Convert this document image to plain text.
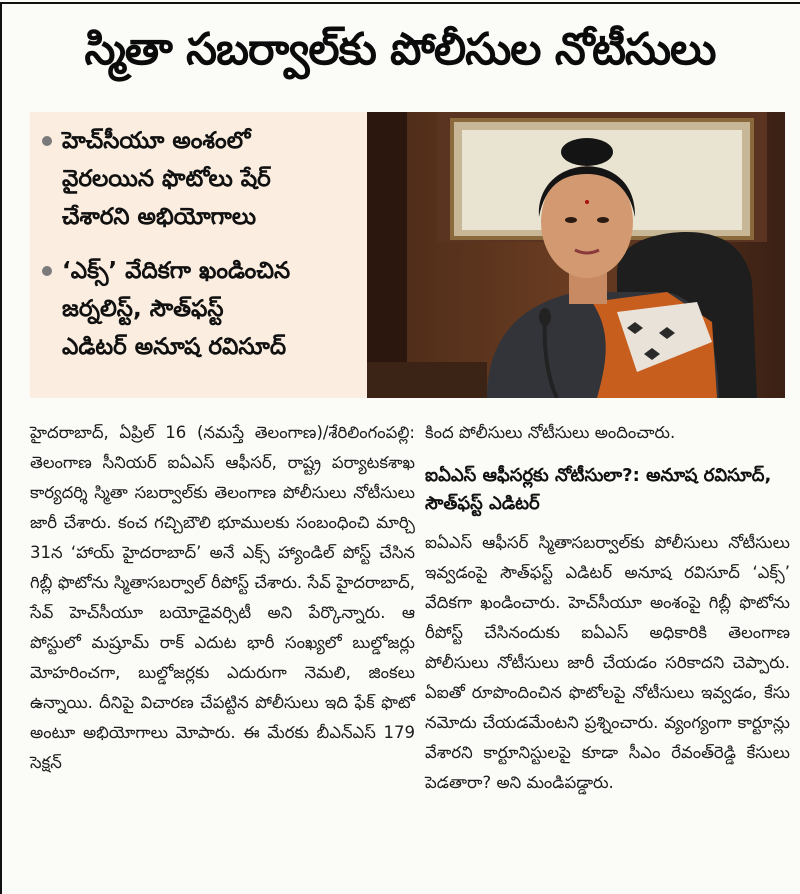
స్మితా సబర్వాల్‌కు పోలీసుల నోటీసులు
హెచ్‌సీయూ అంశంలో
వైరలయిన ఫొటోలు షేర్
చేశారని అభియోగాలు
‘ఎక్స్’ వేదికగా ఖండించిన
జర్నలిస్ట్, సౌత్‌ఫస్ట్
ఎడిటర్ అనూష రవిసూద్

హైదరాబాద్, ఏప్రిల్ 16 (నమస్తే తెలంగాణ)/శేరిలింగంపల్లి: తెలంగాణ సీనియర్ ఐఏఎస్ ఆఫీసర్, రాష్ట్ర పర్యాటకశాఖ కార్యదర్శి స్మితా సబర్వాల్‌కు తెలంగాణ పోలీసులు నోటీసులు జారీ చేశారు. కంచ గచ్చిబౌలి భూములకు సంబంధించి మార్చి 31న ‘హాయ్ హైదరాబాద్’ అనే ఎక్స్ హ్యాండిల్ పోస్ట్ చేసిన గిబ్లీ ఫొటోను స్మితాసబర్వాల్ రీపోస్ట్ చేశారు. సేవ్ హైదరాబాద్, సేవ్ హెచ్‌సీయూ బయోడైవర్సిటీ అని పేర్కొన్నారు. ఆ పోస్టులో మష్రూమ్ రాక్ ఎదుట భారీ సంఖ్యలో బుల్డోజర్లు మోహరించగా, బుల్డోజర్లకు ఎదురుగా నెమలి, జింకలు ఉన్నాయి. దీనిపై విచారణ చేపట్టిన పోలీసులు ఇది ఫేక్ ఫొటో అంటూ అభియోగాలు మోపారు. ఈ మేరకు బీఎన్‌ఎస్ 179 సెక్షన్

కింద పోలీసులు నోటీసులు అందించారు.

ఐఏఎస్ ఆఫీసర్లకు నోటీసులా?: అనూష రవిసూద్, సౌత్‌ఫస్ట్ ఎడిటర్

ఐఏఎస్ ఆఫీసర్ స్మితాసబర్వాల్‌కు పోలీసులు నోటీసులు ఇవ్వడంపై సౌత్‌ఫస్ట్ ఎడిటర్ అనూష రవిసూద్ ‘ఎక్స్’ వేదికగా ఖండించారు. హెచ్‌సీయూ అంశంపై గిబ్లీ ఫొటోను రీపోస్ట్ చేసినందుకు ఐఏఎస్ అధికారికి తెలంగాణ పోలీసులు నోటీసులు జారీ చేయడం సరికాదని చెప్పారు. ఏఐతో రూపొందించిన ఫొటోలపై నోటీసులు ఇవ్వడం, కేసు నమోదు చేయడమేంటని ప్రశ్నించారు. వ్యంగ్యంగా కార్టూన్లు వేశారని కార్టూనిస్టులపై కూడా సీఎం రేవంత్‌రెడ్డి కేసులు పెడతారా? అని మండిపడ్డారు.
